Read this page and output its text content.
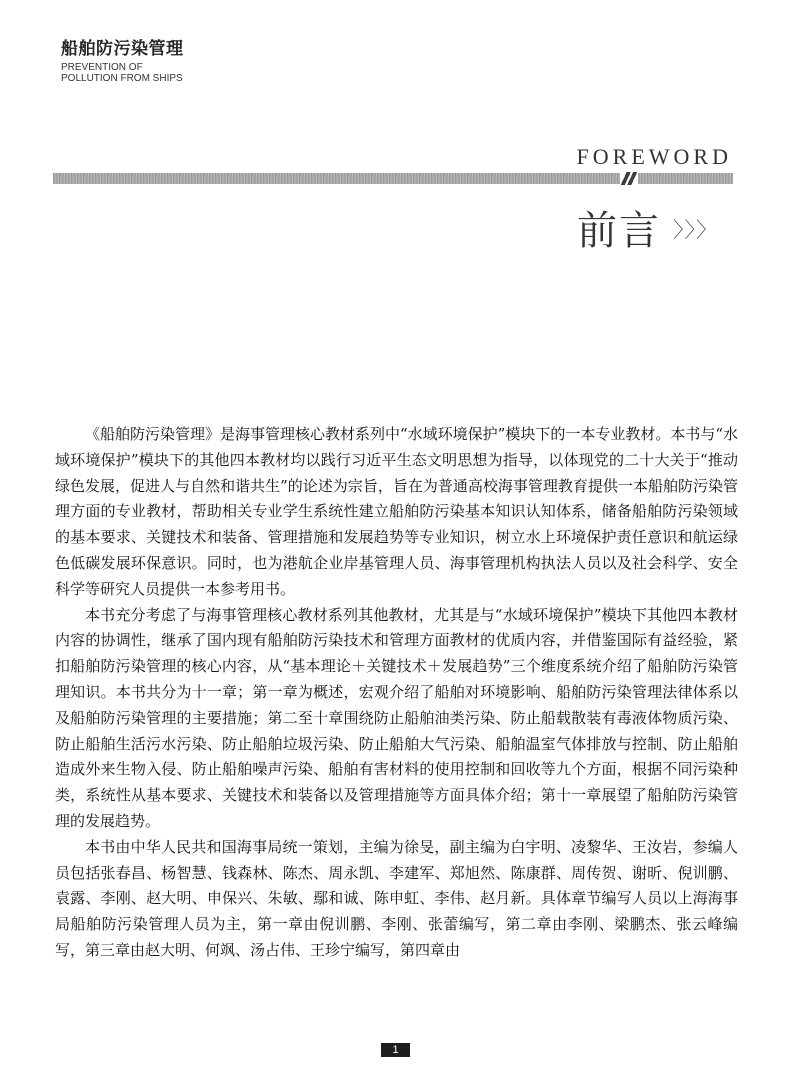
船舶防污染管理
PREVENTION OF
POLLUTION FROM SHIPS
FOREWORD
前言 〉〉〉

《船舶防污染管理》是海事管理核心教材系列中“水域环境保护”模块下的一本专业教材。本书与“水域环境保护”模块下的其他四本教材均以践行习近平生态文明思想为指导，以体现党的二十大关于“推动绿色发展，促进人与自然和谐共生”的论述为宗旨，旨在为普通高校海事管理教育提供一本船舶防污染管理方面的专业教材，帮助相关专业学生系统性建立船舶防污染基本知识认知体系，储备船舶防污染领域的基本要求、关键技术和装备、管理措施和发展趋势等专业知识，树立水上环境保护责任意识和航运绿色低碳发展环保意识。同时，也为港航企业岸基管理人员、海事管理机构执法人员以及社会科学、安全科学等研究人员提供一本参考用书。

本书充分考虑了与海事管理核心教材系列其他教材，尤其是与“水域环境保护”模块下其他四本教材内容的协调性，继承了国内现有船舶防污染技术和管理方面教材的优质内容，并借鉴国际有益经验，紧扣船舶防污染管理的核心内容，从“基本理论＋关键技术＋发展趋势”三个维度系统介绍了船舶防污染管理知识。本书共分为十一章；第一章为概述，宏观介绍了船舶对环境影响、船舶防污染管理法律体系以及船舶防污染管理的主要措施；第二至十章围绕防止船舶油类污染、防止船载散装有毒液体物质污染、防止船舶生活污水污染、防止船舶垃圾污染、防止船舶大气污染、船舶温室气体排放与控制、防止船舶造成外来生物入侵、防止船舶噪声污染、船舶有害材料的使用控制和回收等九个方面，根据不同污染种类，系统性从基本要求、关键技术和装备以及管理措施等方面具体介绍；第十一章展望了船舶防污染管理的发展趋势。

本书由中华人民共和国海事局统一策划，主编为徐旻，副主编为白宇明、凌黎华、王汝岩，参编人员包括张春昌、杨智慧、钱森林、陈杰、周永凯、李建军、郑旭然、陈康群、周传贺、谢昕、倪训鹏、袁露、李刚、赵大明、申保兴、朱敏、鄢和诚、陈申虹、李伟、赵月新。具体章节编写人员以上海海事局船舶防污染管理人员为主，第一章由倪训鹏、李刚、张蕾编写，第二章由李刚、梁鹏杰、张云峰编写，第三章由赵大明、何飒、汤占伟、王珍宁编写，第四章由

1
